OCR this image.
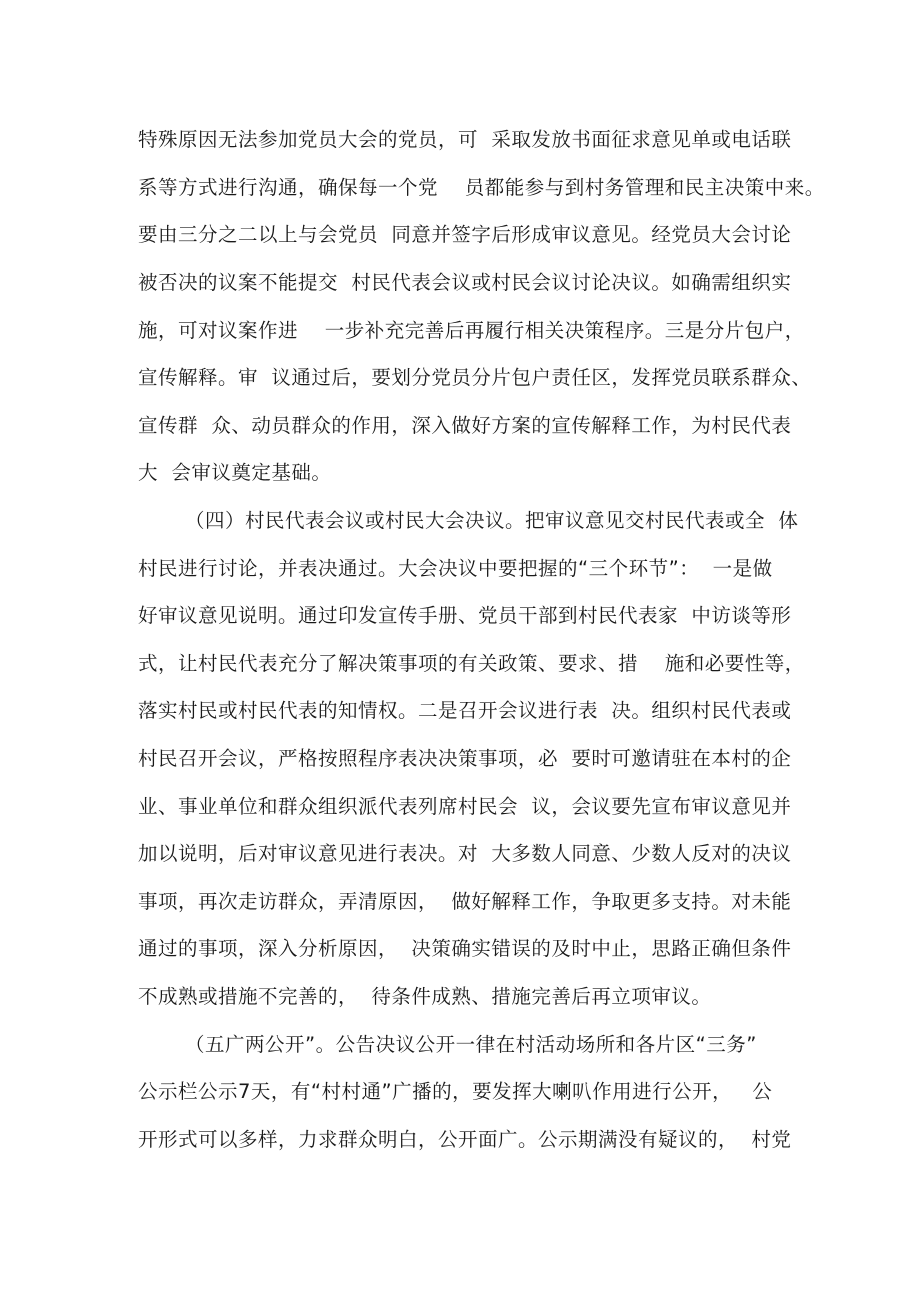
特殊原因无法参加党员大会的党员，可  采取发放书面征求意见单或电话联
系等方式进行沟通，确保每一个党    员都能参与到村务管理和民主决策中来。
要由三分之二以上与会党员  同意并签字后形成审议意见。经党员大会讨论
被否决的议案不能提交  村民代表会议或村民会议讨论决议。如确需组织实
施，可对议案作进    一步补充完善后再履行相关决策程序。三是分片包户，
宣传解释。审  议通过后，要划分党员分片包户责任区，发挥党员联系群众、
宣传群  众、动员群众的作用，深入做好方案的宣传解释工作，为村民代表
大  会审议奠定基础。
（四）村民代表会议或村民大会决议。把审议意见交村民代表或全  体
村民进行讨论，并表决通过。大会决议中要把握的“三个环节”：  一是做
好审议意见说明。通过印发宣传手册、党员干部到村民代表家  中访谈等形
式，让村民代表充分了解决策事项的有关政策、要求、措    施和必要性等，
落实村民或村民代表的知情权。二是召开会议进行表  决。组织村民代表或
村民召开会议，严格按照程序表决决策事项，必  要时可邀请驻在本村的企
业、事业单位和群众组织派代表列席村民会  议，会议要先宣布审议意见并
加以说明，后对审议意见进行表决。对  大多数人同意、少数人反对的决议
事项，再次走访群众，弄清原因，  做好解释工作，争取更多支持。对未能
通过的事项，深入分析原因，  决策确实错误的及时中止，思路正确但条件
不成熟或措施不完善的，  待条件成熟、措施完善后再立项审议。
（五广两公开”。公告决议公开一律在村活动场所和各片区“三务”
公示栏公示7天，有“村村通”广播的，要发挥大喇叭作用进行公开，   公
开形式可以多样，力求群众明白，公开面广。公示期满没有疑议的，  村党
